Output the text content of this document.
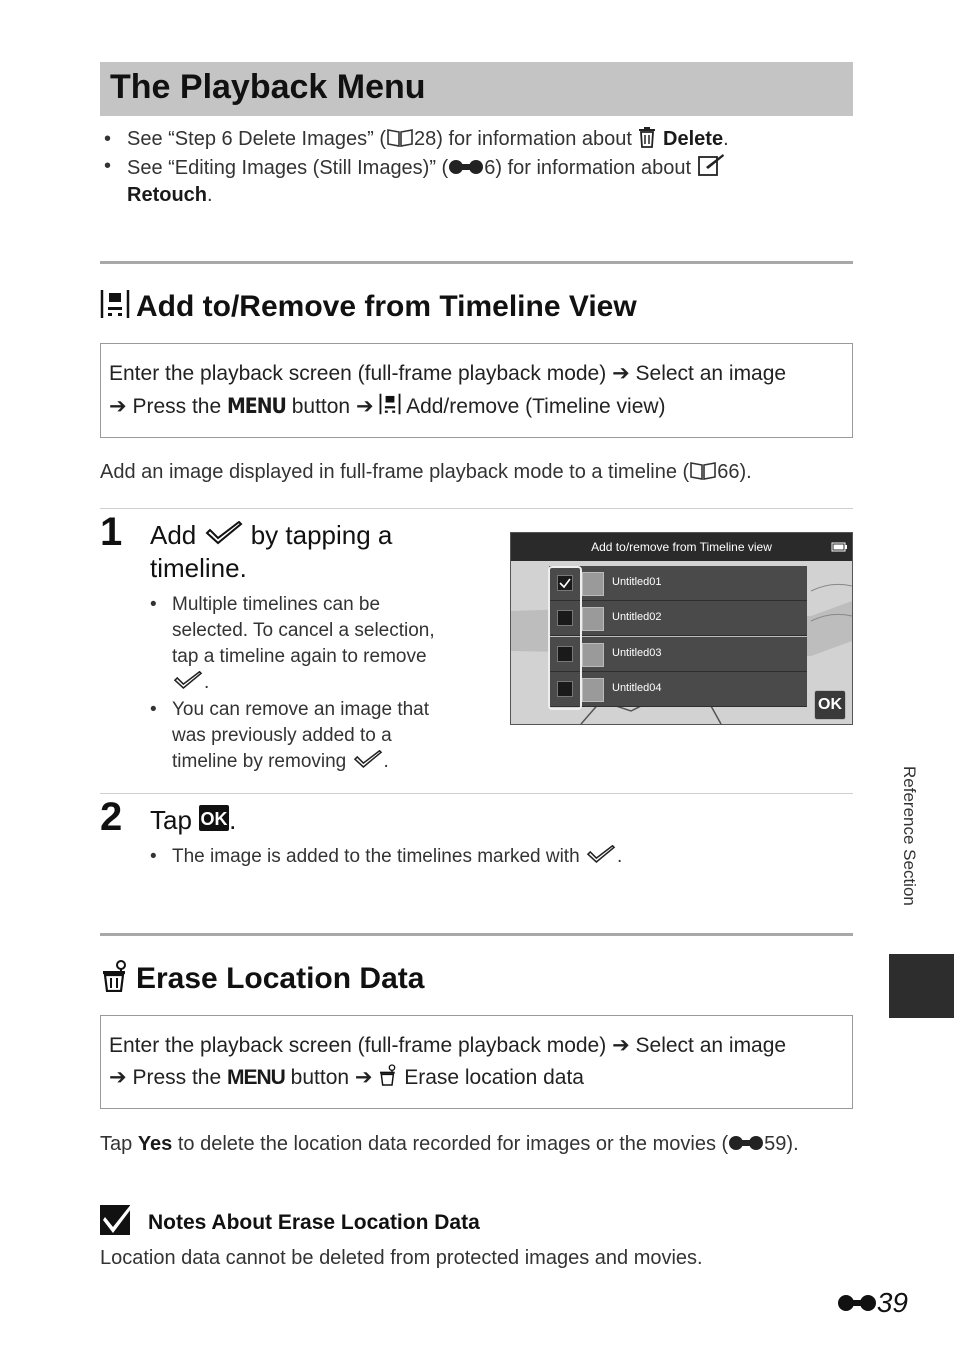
The Playback Menu
• See “Step 6 Delete Images” ( 28) for information about  Delete.
• See “Editing Images (Still Images)” ( 6) for information about
Retouch.
Add to/Remove from Timeline View
Enter the playback screen (full-frame playback mode) ➔ Select an image
➔ Press the MENU button ➔  Add/remove (Timeline view)
Add an image displayed in full-frame playback mode to a timeline ( 66).
1 Add  by tapping a timeline.
• Multiple timelines can be selected. To cancel a selection, tap a timeline again to remove .
• You can remove an image that was previously added to a timeline by removing .
Add to/remove from Timeline view
Untitled01
Untitled02
Untitled03
Untitled04
OK
2 Tap OK .
• The image is added to the timelines marked with .
Erase Location Data
Enter the playback screen (full-frame playback mode) ➔ Select an image
➔ Press the MENU button ➔  Erase location data
Tap Yes to delete the location data recorded for images or the movies ( 59).
Notes About Erase Location Data
Location data cannot be deleted from protected images and movies.
Reference Section
39
